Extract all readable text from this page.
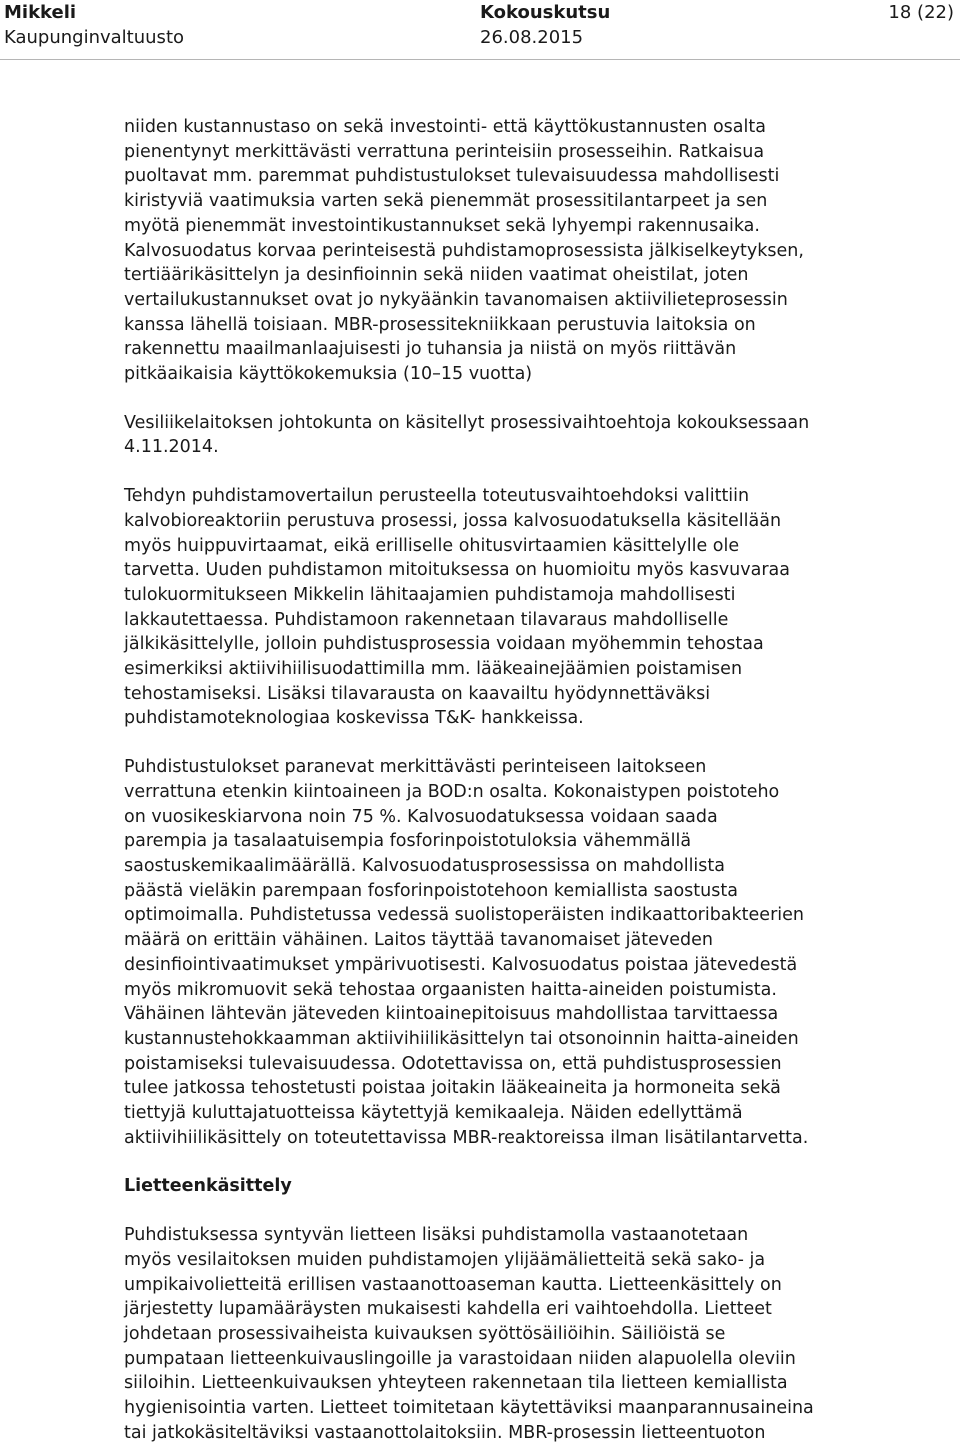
Mikkeli
Kaupunginvaltuusto
Kokouskutsu
26.08.2015
18 (22)

niiden kustannustaso on sekä investointi- että käyttökustannusten osalta
pienentynyt merkittävästi verrattuna perinteisiin prosesseihin. Ratkaisua
puoltavat mm. paremmat puhdistustulokset tulevaisuudessa mahdollisesti
kiristyviä vaatimuksia varten sekä pienemmät prosessitilantarpeet ja sen
myötä pienemmät investointikustannukset sekä lyhyempi rakennusaika.
Kalvosuodatus korvaa perinteisestä puhdistamoprosessista jälkiselkeytyksen,
tertiäärikäsittelyn ja desinfioinnin sekä niiden vaatimat oheistilat, joten
vertailukustannukset ovat jo nykyäänkin tavanomaisen aktiivilieteprosessin
kanssa lähellä toisiaan. MBR-prosessitekniikkaan perustuvia laitoksia on
rakennettu maailmanlaajuisesti jo tuhansia ja niistä on myös riittävän
pitkäaikaisia käyttökokemuksia (10–15 vuotta)

Vesiliikelaitoksen johtokunta on käsitellyt prosessivaihtoehtoja kokouksessaan
4.11.2014.

Tehdyn puhdistamovertailun perusteella toteutusvaihtoehdoksi valittiin
kalvobioreaktoriin perustuva prosessi, jossa kalvosuodatuksella käsitellään
myös huippuvirtaamat, eikä erilliselle ohitusvirtaamien käsittelylle ole
tarvetta. Uuden puhdistamon mitoituksessa on huomioitu myös kasvuvaraa
tulokuormitukseen Mikkelin lähitaajamien puhdistamoja mahdollisesti
lakkautettaessa. Puhdistamoon rakennetaan tilavaraus mahdolliselle
jälkikäsittelylle, jolloin puhdistusprosessia voidaan myöhemmin tehostaa
esimerkiksi aktiivihiilisuodattimilla mm. lääkeainejäämien poistamisen
tehostamiseksi. Lisäksi tilavarausta on kaavailtu hyödynnettäväksi
puhdistamoteknologiaa koskevissa T&K- hankkeissa.

Puhdistustulokset paranevat merkittävästi perinteiseen laitokseen
verrattuna etenkin kiintoaineen ja BOD:n osalta. Kokonaistypen poistoteho
on vuosikeskiarvona noin 75 %. Kalvosuodatuksessa voidaan saada
parempia ja tasalaatuisempia fosforinpoistotuloksia vähemmällä
saostuskemikaalimäärällä. Kalvosuodatusprosessissa on mahdollista
päästä vieläkin parempaan fosforinpoistotehoon kemiallista saostusta
optimoimalla. Puhdistetussa vedessä suolistoperäisten indikaattoribakteerien
määrä on erittäin vähäinen. Laitos täyttää tavanomaiset jäteveden
desinfiointivaatimukset ympärivuotisesti. Kalvosuodatus poistaa jätevedestä
myös mikromuovit sekä tehostaa orgaanisten haitta-aineiden poistumista.
Vähäinen lähtevän jäteveden kiintoainepitoisuus mahdollistaa tarvittaessa
kustannustehokkaamman aktiivihiilikäsittelyn tai otsonoinnin haitta-aineiden
poistamiseksi tulevaisuudessa. Odotettavissa on, että puhdistusprosessien
tulee jatkossa tehostetusti poistaa joitakin lääkeaineita ja hormoneita sekä
tiettyjä kuluttajatuotteissa käytettyjä kemikaaleja. Näiden edellyttämä
aktiivihiilikäsittely on toteutettavissa MBR-reaktoreissa ilman lisätilantarvetta.

Lietteenkäsittely

Puhdistuksessa syntyvän lietteen lisäksi puhdistamolla vastaanotetaan
myös vesilaitoksen muiden puhdistamojen ylijäämälietteitä sekä sako- ja
umpikaivolietteitä erillisen vastaanottoaseman kautta. Lietteenkäsittely on
järjestetty lupamääräysten mukaisesti kahdella eri vaihtoehdolla. Lietteet
johdetaan prosessivaiheista kuivauksen syöttösäiliöihin. Säiliöistä se
pumpataan lietteenkuivauslingoille ja varastoidaan niiden alapuolella oleviin
siiloihin. Lietteenkuivauksen yhteyteen rakennetaan tila lietteen kemiallista
hygienisointia varten. Lietteet toimitetaan käytettäviksi maanparannusaineina
tai jatkokäsiteltäviksi vastaanottolaitoksiin. MBR-prosessin lietteentuoton
